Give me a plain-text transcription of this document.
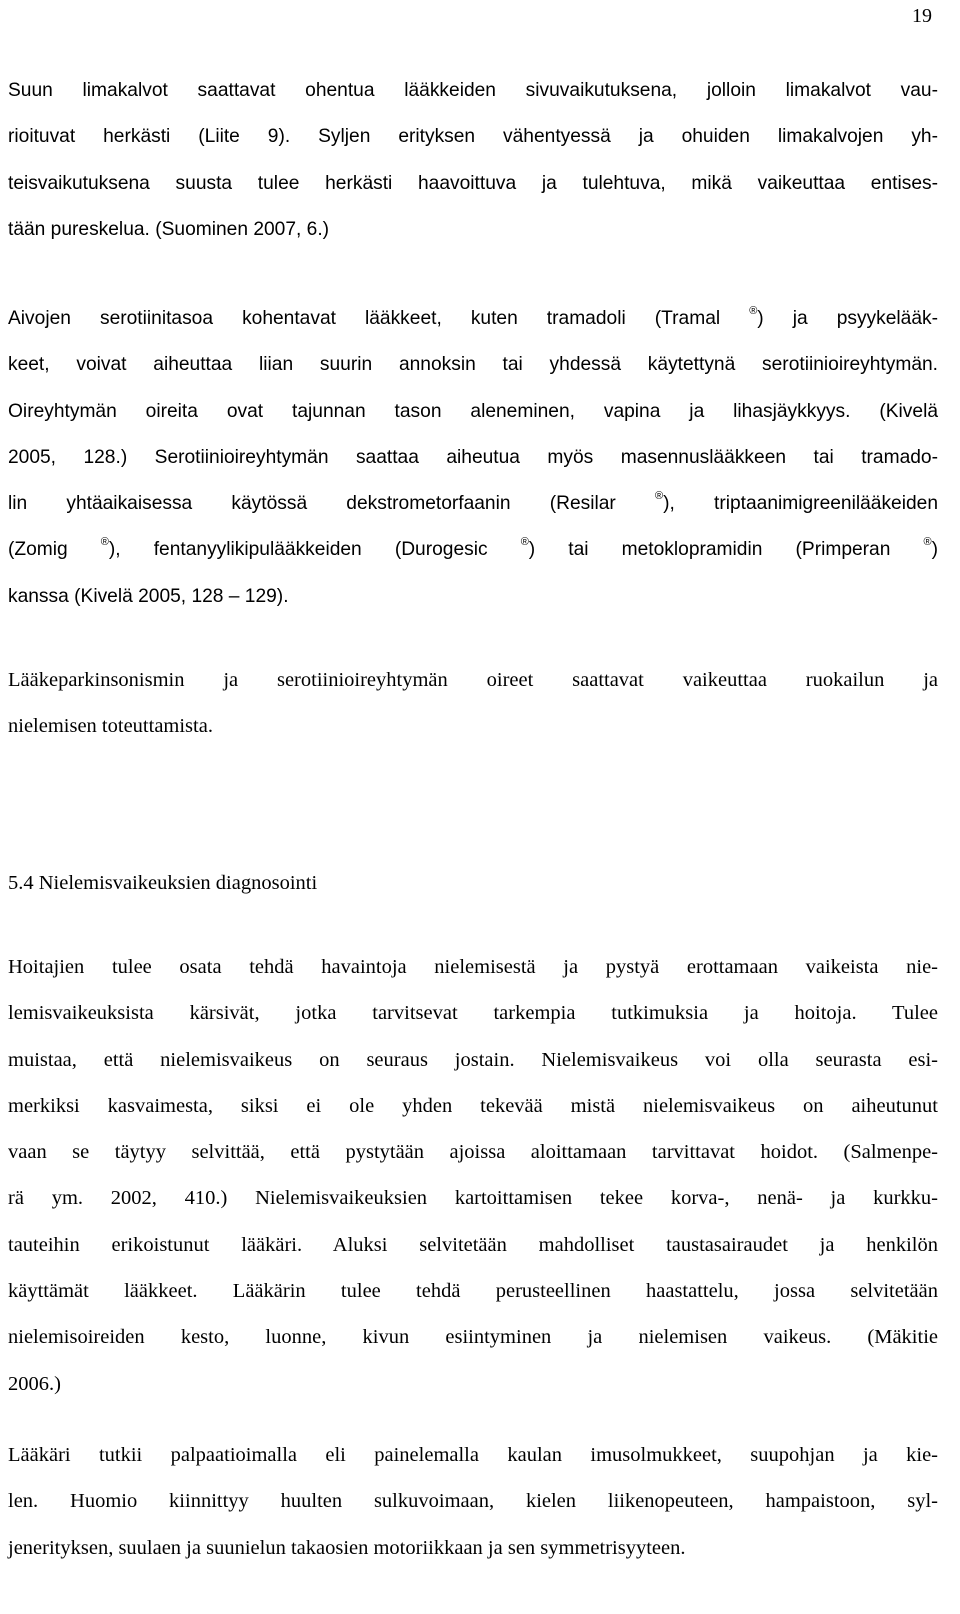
19

Suun limakalvot saattavat ohentua lääkkeiden sivuvaikutuksena, jolloin limakalvot vau-
rioituvat herkästi (Liite 9). Syljen erityksen vähentyessä ja ohuiden limakalvojen yh-
teisvaikutuksena suusta tulee herkästi haavoittuva ja tulehtuva, mikä vaikeuttaa entises-
tään pureskelua. (Suominen 2007, 6.)

Aivojen serotiinitasoa kohentavat lääkkeet, kuten tramadoli (Tramal ®) ja psyykelääk-
keet, voivat aiheuttaa liian suurin annoksin tai yhdessä käytettynä serotiinioireyhtymän.
Oireyhtymän oireita ovat tajunnan tason aleneminen, vapina ja lihasjäykkyys. (Kivelä
2005, 128.) Serotiinioireyhtymän saattaa aiheutua myös masennuslääkkeen tai tramado-
lin yhtäaikaisessa käytössä dekstrometorfaanin (Resilar ®), triptaanimigreenilääkeiden
(Zomig ®), fentanyylikipulääkkeiden (Durogesic ®) tai metoklopramidin (Primperan ®)
kanssa (Kivelä 2005, 128 – 129).

Lääkeparkinsonismin ja serotiinioireyhtymän oireet saattavat vaikeuttaa ruokailun ja
nielemisen toteuttamista.

5.4 Nielemisvaikeuksien diagnosointi

Hoitajien tulee osata tehdä havaintoja nielemisestä ja pystyä erottamaan vaikeista nie-
lemisvaikeuksista kärsivät, jotka tarvitsevat tarkempia tutkimuksia ja hoitoja. Tulee
muistaa, että nielemisvaikeus on seuraus jostain. Nielemisvaikeus voi olla seurasta esi-
merkiksi kasvaimesta, siksi ei ole yhden tekevää mistä nielemisvaikeus on aiheutunut
vaan se täytyy selvittää, että pystytään ajoissa aloittamaan tarvittavat hoidot. (Salmenpe-
rä ym. 2002, 410.) Nielemisvaikeuksien kartoittamisen tekee korva-, nenä- ja kurkku-
tauteihin erikoistunut lääkäri. Aluksi selvitetään mahdolliset taustasairaudet ja henkilön
käyttämät lääkkeet. Lääkärin tulee tehdä perusteellinen haastattelu, jossa selvitetään
nielemisoireiden kesto, luonne, kivun esiintyminen ja nielemisen vaikeus. (Mäkitie
2006.)

Lääkäri tutkii palpaatioimalla eli painelemalla kaulan imusolmukkeet, suupohjan ja kie-
len. Huomio kiinnittyy huulten sulkuvoimaan, kielen liikenopeuteen, hampaistoon, syl-
jenerityksen, suulaen ja suunielun takaosien motoriikkaan ja sen symmetrisyyteen.
